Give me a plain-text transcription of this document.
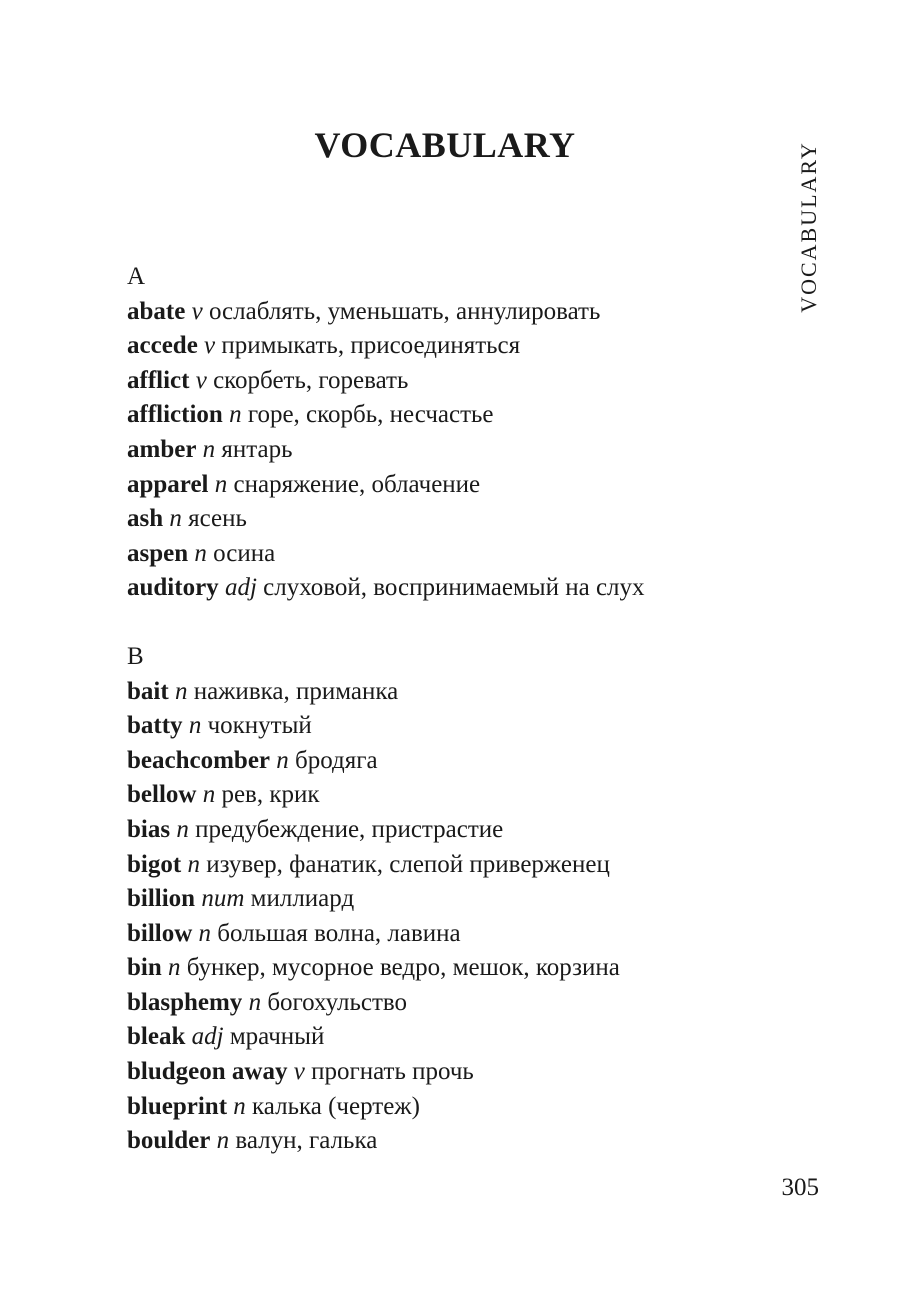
VOCABULARY	VOCABULARY
A
abate v ослаблять, уменьшать, аннулировать
accede v примыкать, присоединяться
afflict v скорбеть, горевать
affliction n горе, скорбь, несчастье
amber n янтарь
apparel n снаряжение, облачение
ash n ясень
aspen n осина
auditory adj слуховой, воспринимаемый на слух
B
bait n наживка, приманка
batty n чокнутый
beachcomber n бродяга
bellow n рев, крик
bias n предубеждение, пристрастие
bigot n изувер, фанатик, слепой приверженец
billion num миллиард
billow n большая волна, лавина
bin n бункер, мусорное ведро, мешок, корзина
blasphemy n богохульство
bleak adj мрачный
bludgeon away v прогнать прочь
blueprint n калька (чертеж)
boulder n валун, галька
305
